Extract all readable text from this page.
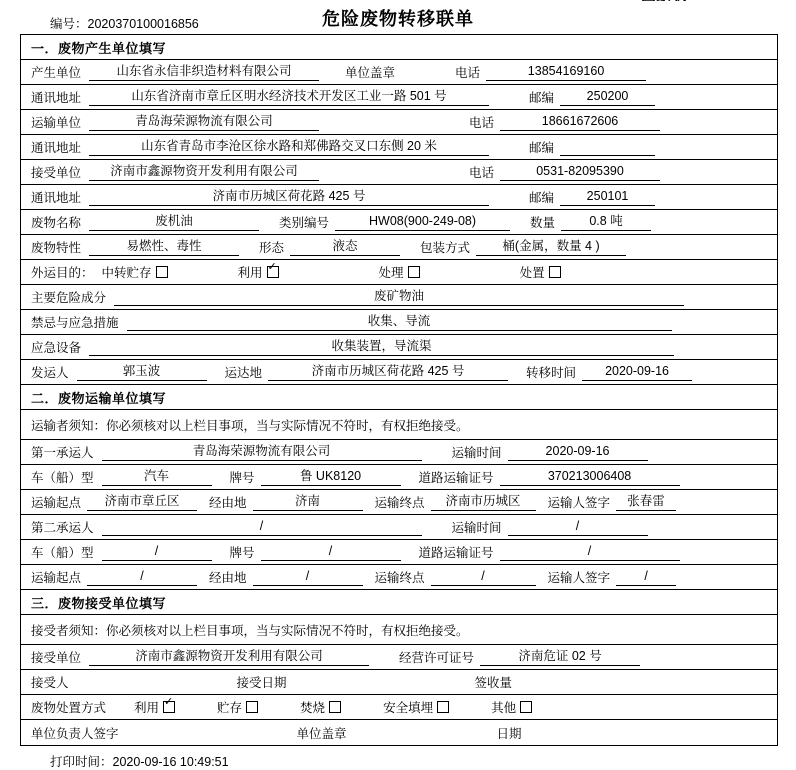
编号：2020370100016856	危险废物转移联单
一．废物产生单位填写
产生单位	山东省永信非织造材料有限公司	单位盖章	电话	13854169160
通讯地址	山东省济南市章丘区明水经济技术开发区工业一路 501 号	邮编	250200
运输单位	青岛海荣源物流有限公司	电话	18661672606
通讯地址	山东省青岛市李沧区徐水路和郑佛路交叉口东侧 20 米	邮编
接受单位	济南市鑫源物资开发利用有限公司	电话	0531-82095390
通讯地址	济南市历城区荷花路 425 号	邮编	250101
废物名称	废机油	类别编号	HW08(900-249-08)	数量	0.8 吨
废物特性	易燃性、毒性	形态	液态	包装方式	桶(金属，数量 4 )
外运目的： 中转贮存	利用 ✓	处理	处置
主要危险成分	废矿物油
禁忌与应急措施	收集、导流
应急设备	收集装置，导流渠
发运人	郭玉波	运达地	济南市历城区荷花路 425 号	转移时间	2020-09-16
二．废物运输单位填写
运输者须知：你必须核对以上栏目事项，当与实际情况不符时，有权拒绝接受。
第一承运人	青岛海荣源物流有限公司	运输时间	2020-09-16
车（船）型	汽车	牌号	鲁 UK8120	道路运输证号	370213006408
运输起点	济南市章丘区	经由地	济南	运输终点	济南市历城区	运输人签字	张春雷
第二承运人	/	运输时间	/
车（船）型	/	牌号	/	道路运输证号	/
运输起点	/	经由地	/	运输终点	/	运输人签字	/
三．废物接受单位填写
接受者须知：你必须核对以上栏目事项，当与实际情况不符时，有权拒绝接受。
接受单位	济南市鑫源物资开发利用有限公司	经营许可证号	济南危证 02 号
接受人	接受日期	签收量
废物处置方式 利用 ✓	贮存	焚烧	安全填埋	其他
单位负责人签字	单位盖章	日期
打印时间：2020-09-16 10:49:51
